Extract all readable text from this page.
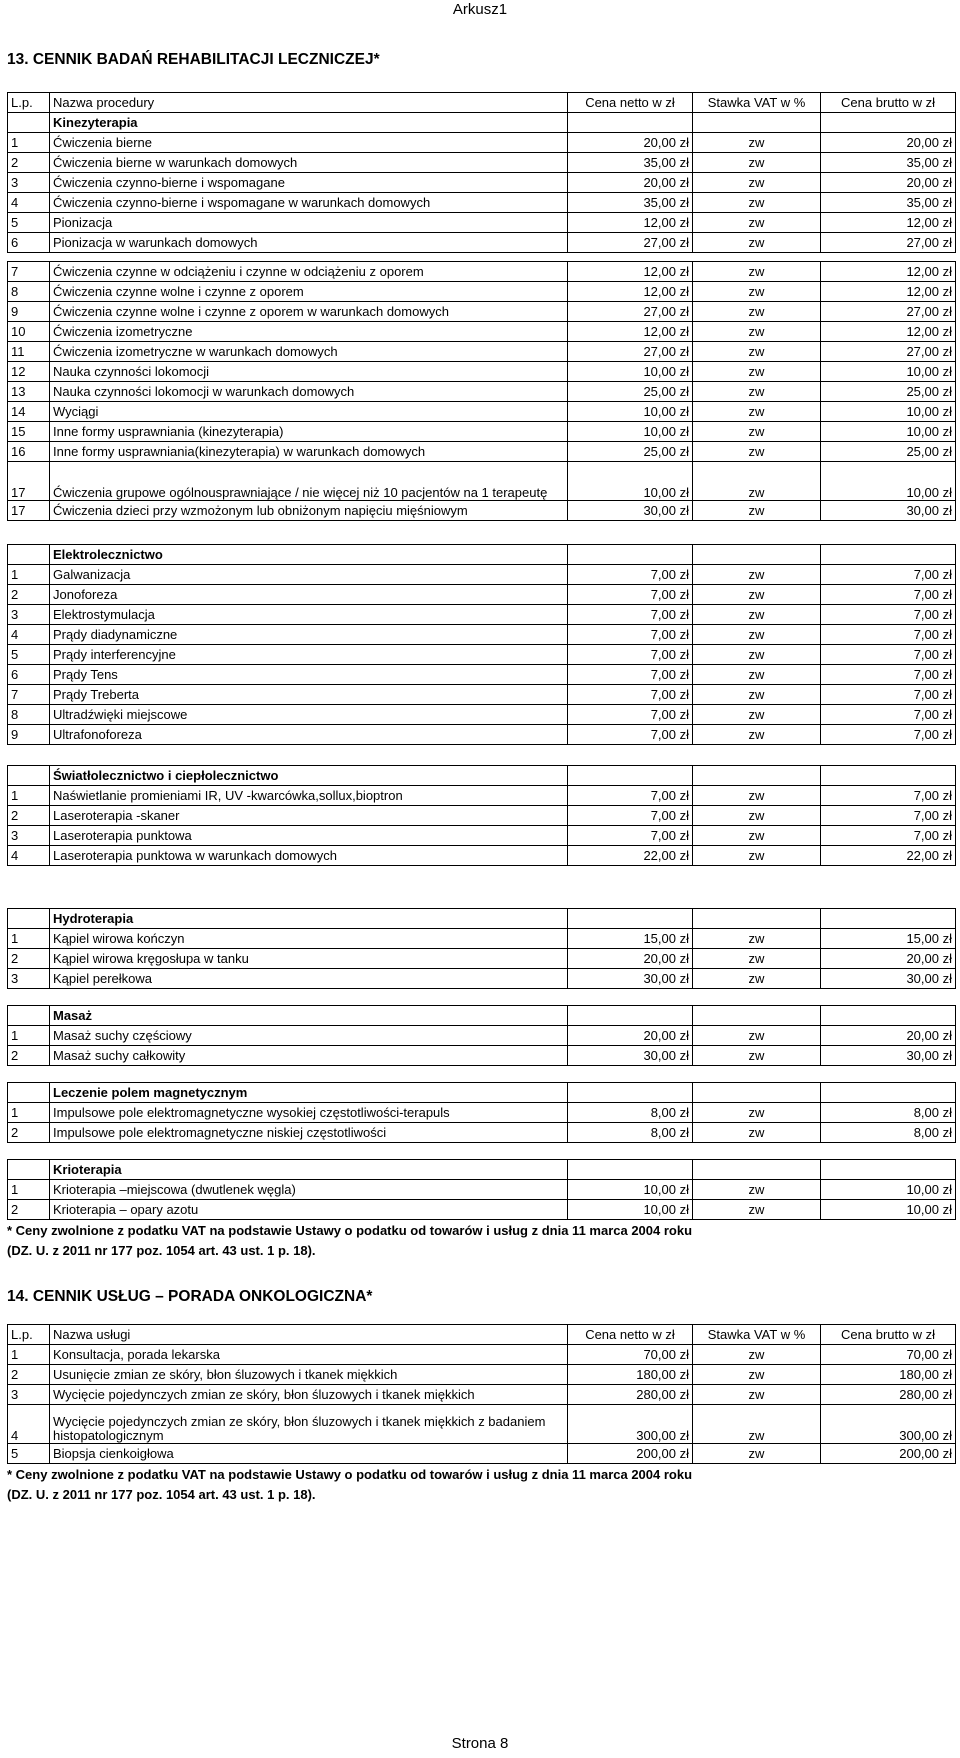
Arkusz1
13. CENNIK BADAŃ REHABILITACJI LECZNICZEJ*
L.p.	Nazwa procedury	Cena netto w zł	Stawka VAT w %	Cena brutto w zł
	Kinezyterapia			
1	Ćwiczenia bierne	20,00 zł	zw	20,00 zł
2	Ćwiczenia bierne w warunkach domowych	35,00 zł	zw	35,00 zł
3	Ćwiczenia czynno-bierne i wspomagane	20,00 zł	zw	20,00 zł
4	Ćwiczenia czynno-bierne i wspomagane w warunkach domowych	35,00 zł	zw	35,00 zł
5	Pionizacja	12,00 zł	zw	12,00 zł
6	Pionizacja w warunkach domowych	27,00 zł	zw	27,00 zł

7	Ćwiczenia czynne w odciążeniu i czynne w odciążeniu z oporem	12,00 zł	zw	12,00 zł
8	Ćwiczenia czynne wolne i czynne z oporem	12,00 zł	zw	12,00 zł
9	Ćwiczenia czynne wolne i czynne z oporem w warunkach domowych	27,00 zł	zw	27,00 zł
10	Ćwiczenia izometryczne	12,00 zł	zw	12,00 zł
11	Ćwiczenia izometryczne w warunkach domowych	27,00 zł	zw	27,00 zł
12	Nauka czynności lokomocji	10,00 zł	zw	10,00 zł
13	Nauka czynności lokomocji w warunkach domowych	25,00 zł	zw	25,00 zł
14	Wyciągi	10,00 zł	zw	10,00 zł
15	Inne formy usprawniania (kinezyterapia)	10,00 zł	zw	10,00 zł
16	Inne formy usprawniania(kinezyterapia) w warunkach domowych	25,00 zł	zw	25,00 zł
17	Ćwiczenia grupowe ogólnousprawniające / nie więcej niż 10 pacjentów na 1 terapeutę	10,00 zł	zw	10,00 zł
17	Ćwiczenia dzieci przy wzmożonym lub obniżonym napięciu mięśniowym	30,00 zł	zw	30,00 zł

	Elektrolecznictwo			
1	Galwanizacja	7,00 zł	zw	7,00 zł
2	Jonoforeza	7,00 zł	zw	7,00 zł
3	Elektrostymulacja	7,00 zł	zw	7,00 zł
4	Prądy diadynamiczne	7,00 zł	zw	7,00 zł
5	Prądy interferencyjne	7,00 zł	zw	7,00 zł
6	Prądy Tens	7,00 zł	zw	7,00 zł
7	Prądy Treberta	7,00 zł	zw	7,00 zł
8	Ultradźwięki miejscowe	7,00 zł	zw	7,00 zł
9	Ultrafonoforeza	7,00 zł	zw	7,00 zł

	Światłolecznictwo i ciepłolecznictwo			
1	Naświetlanie promieniami IR, UV -kwarcówka,sollux,bioptron	7,00 zł	zw	7,00 zł
2	Laseroterapia -skaner	7,00 zł	zw	7,00 zł
3	Laseroterapia punktowa	7,00 zł	zw	7,00 zł
4	Laseroterapia punktowa w warunkach domowych	22,00 zł	zw	22,00 zł

	Hydroterapia			
1	Kąpiel wirowa kończyn	15,00 zł	zw	15,00 zł
2	Kąpiel wirowa kręgosłupa w tanku	20,00 zł	zw	20,00 zł
3	Kąpiel perełkowa	30,00 zł	zw	30,00 zł

	Masaż			
1	Masaż suchy częściowy	20,00 zł	zw	20,00 zł
2	Masaż suchy całkowity	30,00 zł	zw	30,00 zł

	Leczenie polem magnetycznym			
1	Impulsowe pole elektromagnetyczne wysokiej częstotliwości-terapuls	8,00 zł	zw	8,00 zł
2	Impulsowe pole elektromagnetyczne niskiej częstotliwości	8,00 zł	zw	8,00 zł

	Krioterapia			
1	Krioterapia –miejscowa (dwutlenek węgla)	10,00 zł	zw	10,00 zł
2	Krioterapia – opary azotu	10,00 zł	zw	10,00 zł
* Ceny zwolnione z podatku VAT na podstawie Ustawy o podatku od towarów i usług z dnia 11 marca 2004 roku
(DZ. U. z 2011 nr 177 poz. 1054 art. 43 ust. 1 p. 18).
14. CENNIK USŁUG – PORADA ONKOLOGICZNA*
L.p.	Nazwa usługi	Cena netto w zł	Stawka VAT w %	Cena brutto w zł
1	Konsultacja, porada lekarska	70,00 zł	zw	70,00 zł
2	Usunięcie zmian ze skóry, błon śluzowych i tkanek miękkich	180,00 zł	zw	180,00 zł
3	Wycięcie pojedynczych zmian ze skóry, błon śluzowych i tkanek miękkich	280,00 zł	zw	280,00 zł
4	Wycięcie pojedynczych zmian ze skóry, błon śluzowych i tkanek miękkich z badaniem histopatologicznym	300,00 zł	zw	300,00 zł
5	Biopsja cienkoigłowa	200,00 zł	zw	200,00 zł
* Ceny zwolnione z podatku VAT na podstawie Ustawy o podatku od towarów i usług z dnia 11 marca 2004 roku
(DZ. U. z 2011 nr 177 poz. 1054 art. 43 ust. 1 p. 18).
Strona 8
